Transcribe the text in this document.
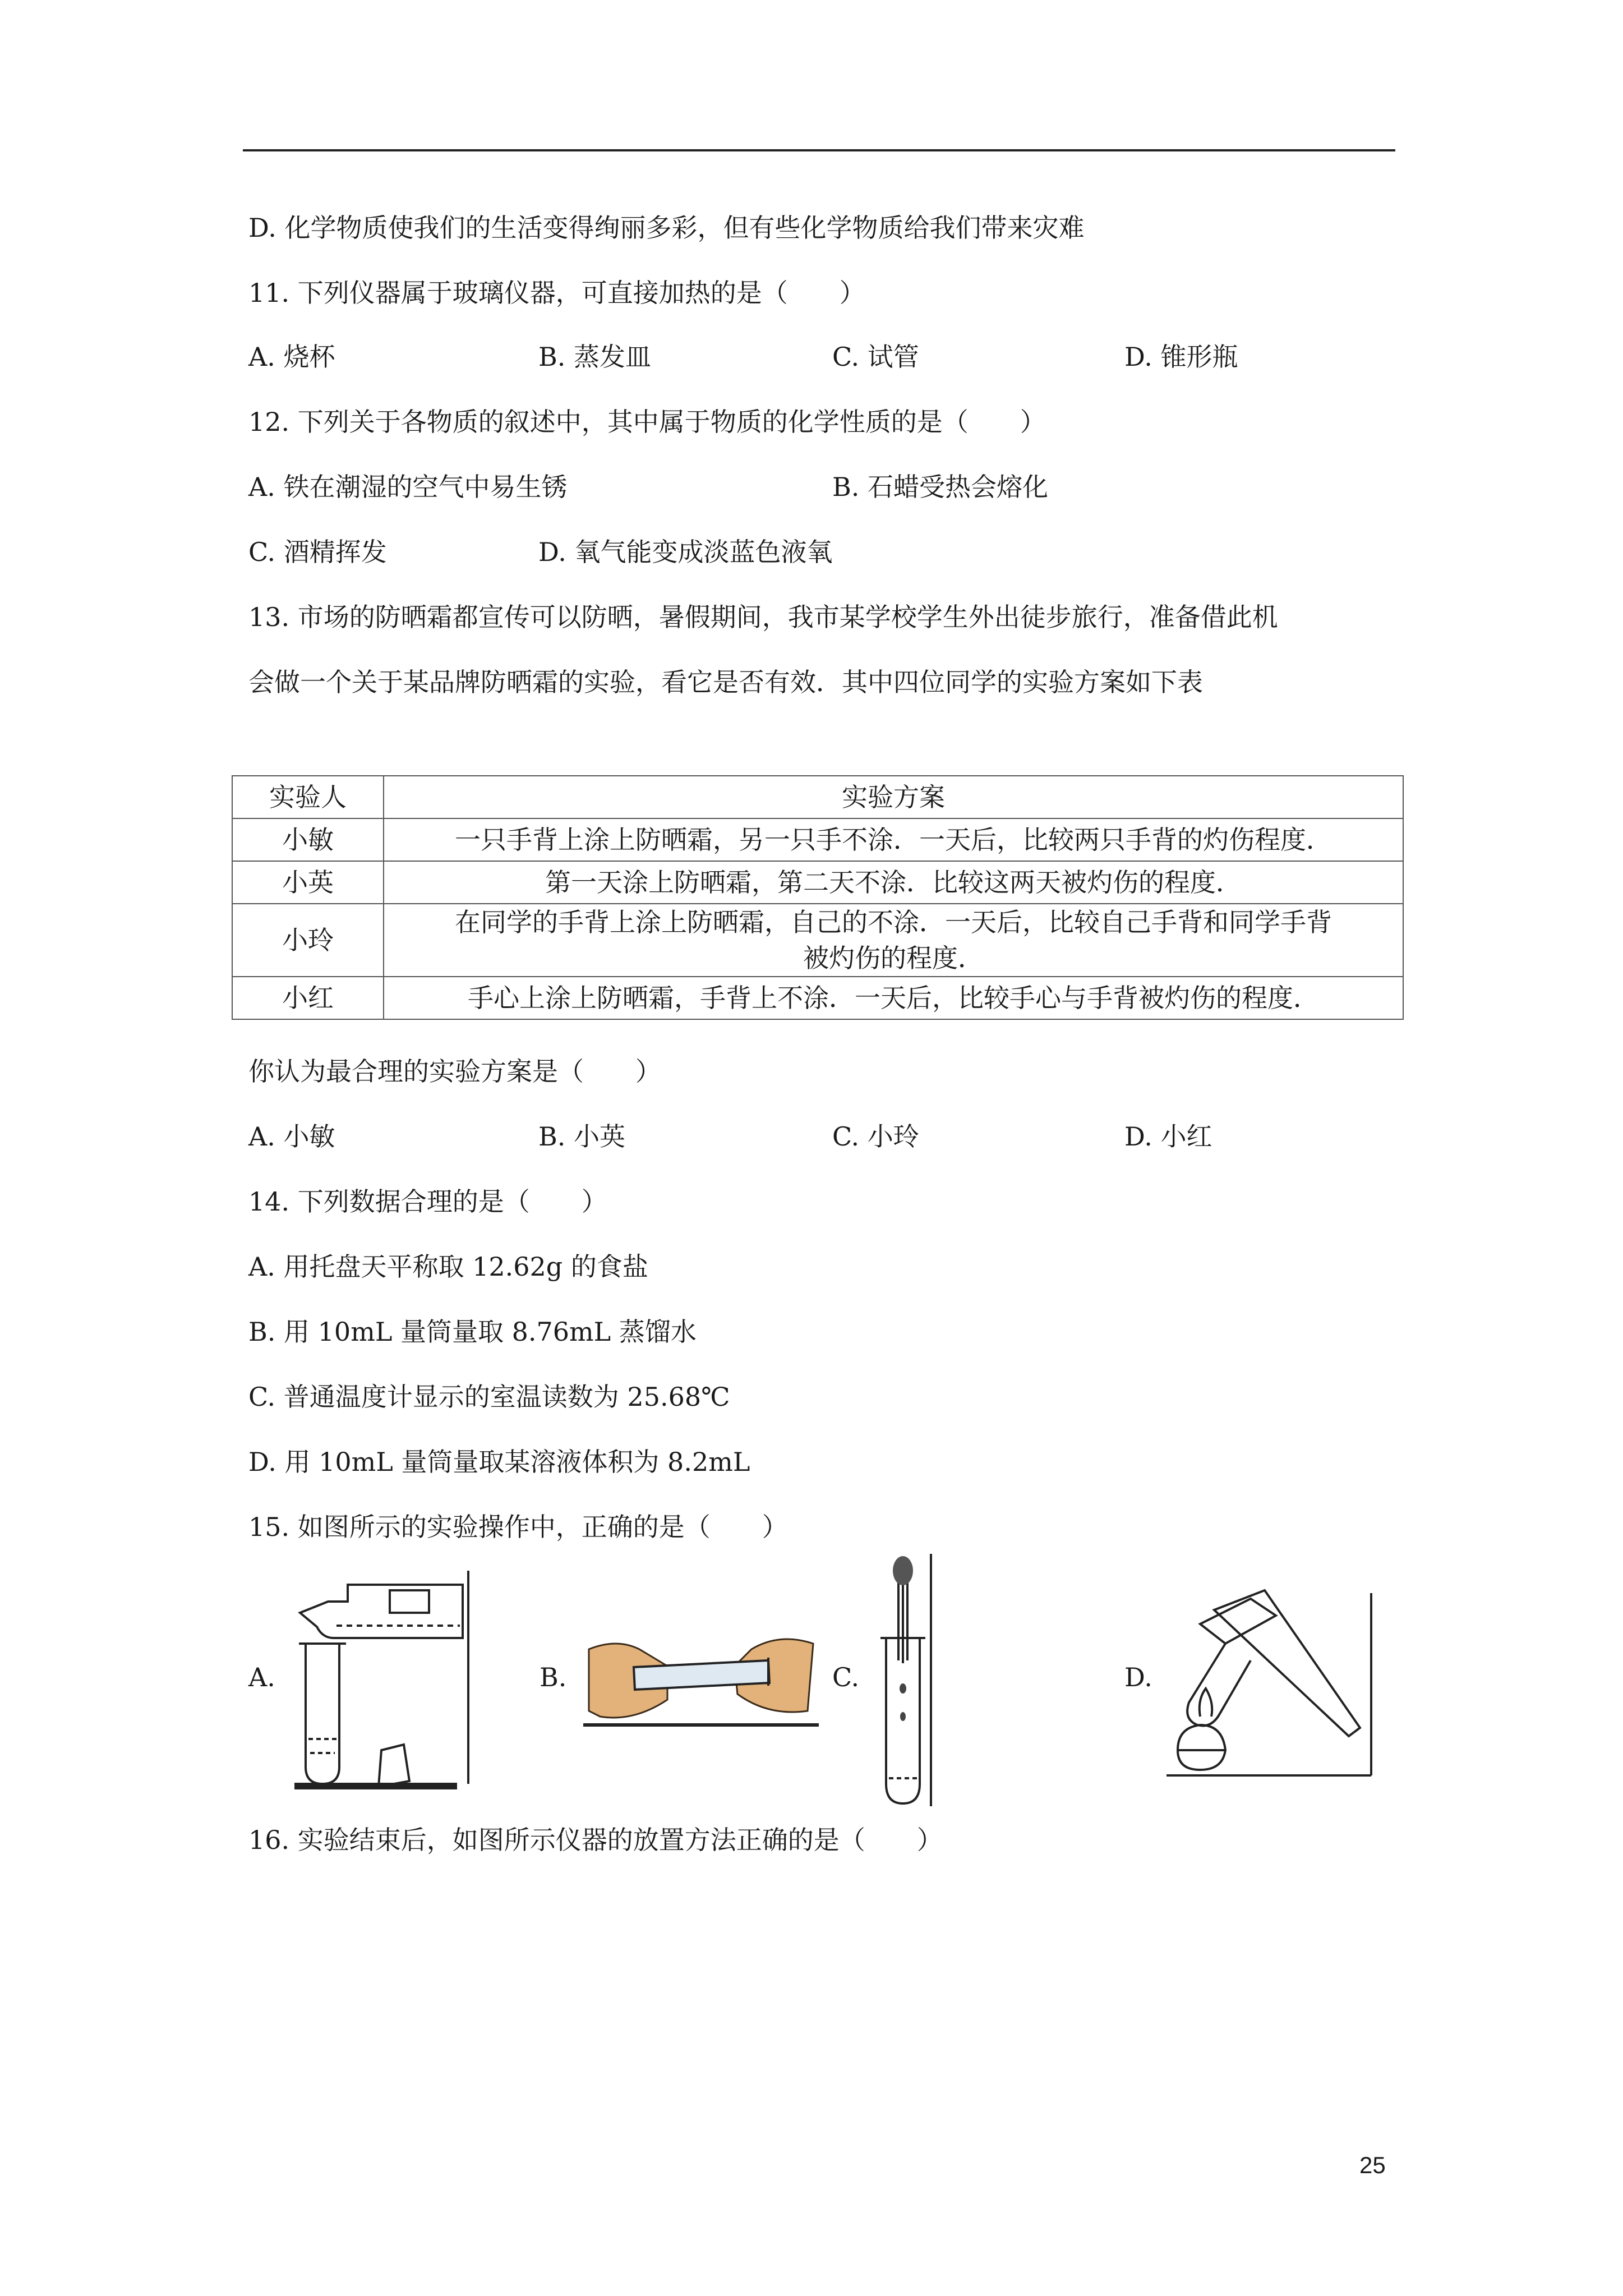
D. 化学物质使我们的生活变得绚丽多彩，但有些化学物质给我们带来灾难
11. 下列仪器属于玻璃仪器，可直接加热的是（　　）
A. 烧杯	B. 蒸发皿	C. 试管	D. 锥形瓶
12. 下列关于各物质的叙述中，其中属于物质的化学性质的是（　　）
A. 铁在潮湿的空气中易生锈	B. 石蜡受热会熔化
C. 酒精挥发	D. 氧气能变成淡蓝色液氧
13. 市场的防晒霜都宣传可以防晒，暑假期间，我市某学校学生外出徒步旅行，准备借此机
会做一个关于某品牌防晒霜的实验，看它是否有效．其中四位同学的实验方案如下表
实验人	实验方案
小敏	一只手背上涂上防晒霜，另一只手不涂．一天后，比较两只手背的灼伤程度．
小英	第一天涂上防晒霜，第二天不涂．比较这两天被灼伤的程度．
小玲	在同学的手背上涂上防晒霜，自己的不涂．一天后，比较自己手背和同学手背
被灼伤的程度．

小红	手心上涂上防晒霜，手背上不涂．一天后，比较手心与手背被灼伤的程度．
你认为最合理的实验方案是（　　）
A. 小敏	B. 小英	C. 小玲	D. 小红
14. 下列数据合理的是（　　）
A. 用托盘天平称取 12.62g 的食盐
B. 用 10mL 量筒量取 8.76mL 蒸馏水
C. 普通温度计显示的室温读数为 25.68℃
D. 用 10mL 量筒量取某溶液体积为 8.2mL
15. 如图所示的实验操作中，正确的是（　　）
A.	B.	C.	D.
16. 实验结束后，如图所示仪器的放置方法正确的是（　　）
25
